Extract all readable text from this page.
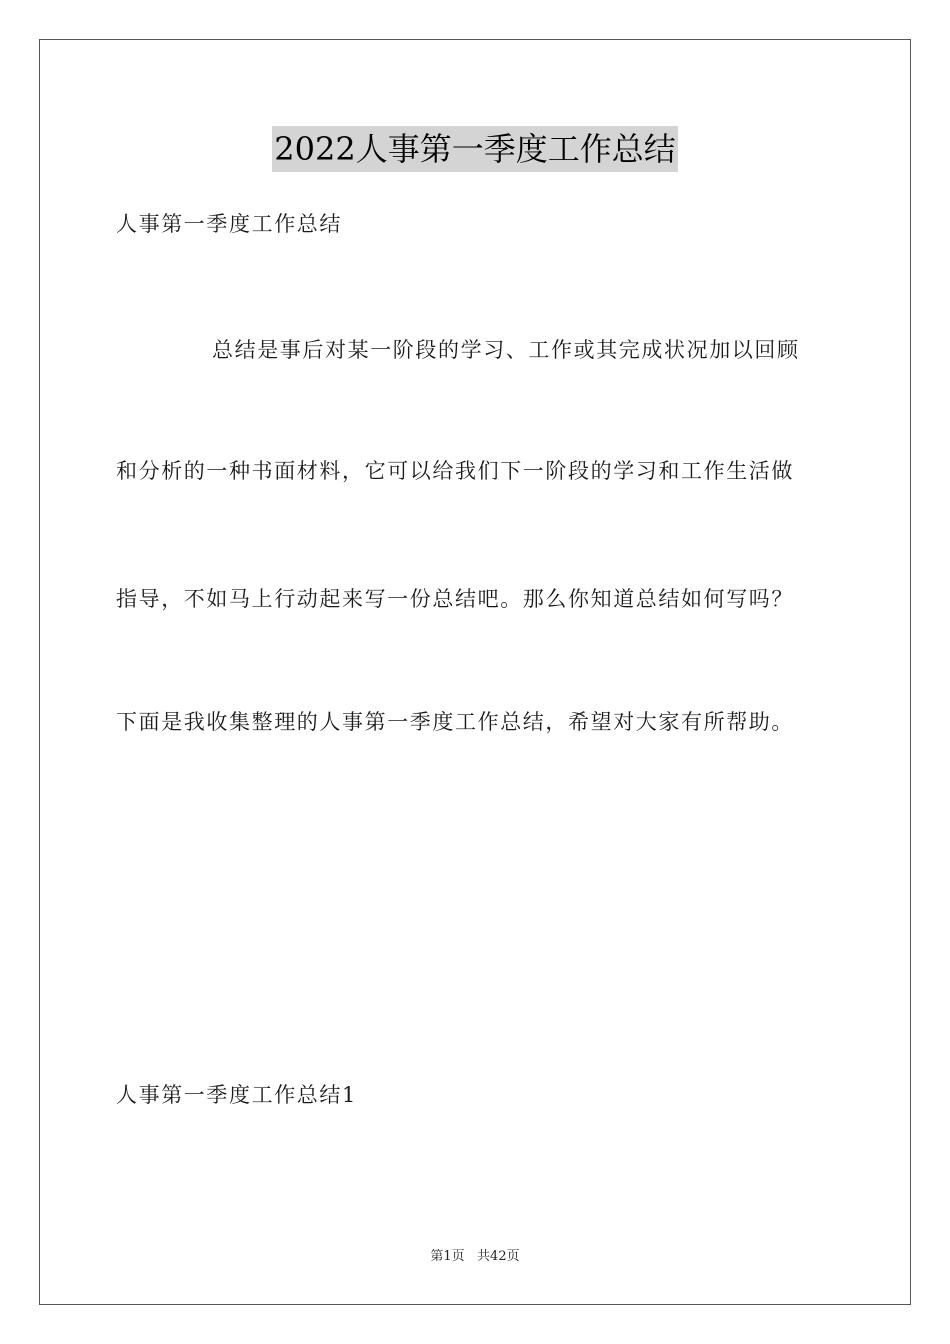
2022人事第一季度工作总结
人事第一季度工作总结
总结是事后对某一阶段的学习、工作或其完成状况加以回顾
和分析的一种书面材料，它可以给我们下一阶段的学习和工作生活做
指导，不如马上行动起来写一份总结吧。那么你知道总结如何写吗？
下面是我收集整理的人事第一季度工作总结，希望对大家有所帮助。
人事第一季度工作总结1
第1页   共42页
